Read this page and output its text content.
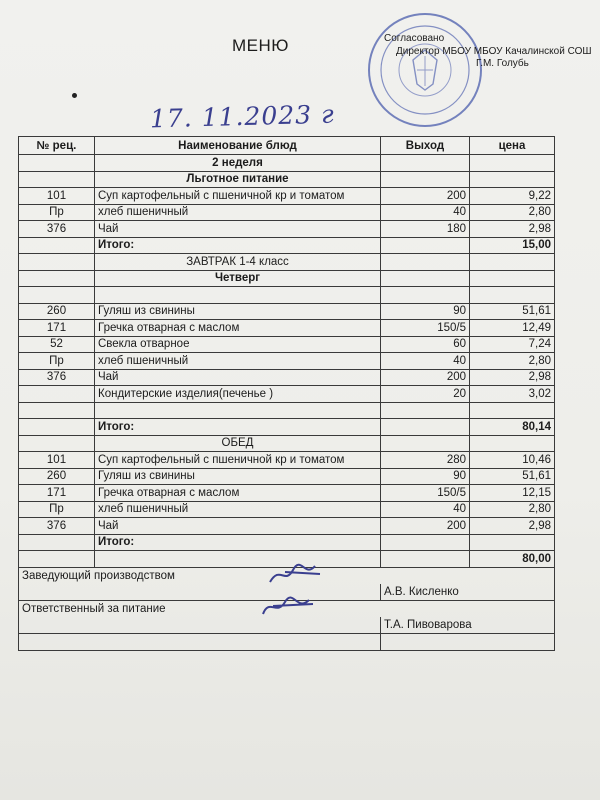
МЕНЮ	Согласовано
Директор МБОУ МБОУ Качалинской СОШ
Г.М. Голубь
17. 11.2023 г
№ рец.	Наименование блюд	Выход	цена
	2 неделя		
	Льготное питание		
101	Суп картофельный с пшеничной кр и томатом	200	9,22
Пр	хлеб пшеничный	40	2,80
376	Чай	180	2,98
	Итого:		15,00
	ЗАВТРАК 1-4 класс		
	Четверг		

260	Гуляш из свинины	90	51,61
171	Гречка отварная с маслом	150/5	12,49
52	Свекла отварное	60	7,24
Пр	хлеб пшеничный	40	2,80
376	Чай	200	2,98
	Кондитерские изделия(печенье )	20	3,02

	Итого:		80,14
	ОБЕД		
101	Суп картофельный с пшеничной кр и томатом	280	10,46
260	Гуляш из свинины	90	51,61
171	Гречка отварная с маслом	150/5	12,15
Пр	хлеб пшеничный	40	2,80
376	Чай	200	2,98
	Итого:		
			80,00
Заведующий производством			
		А.В. Кисленко	
Ответственный за питание			
		Т.А. Пивоварова	
